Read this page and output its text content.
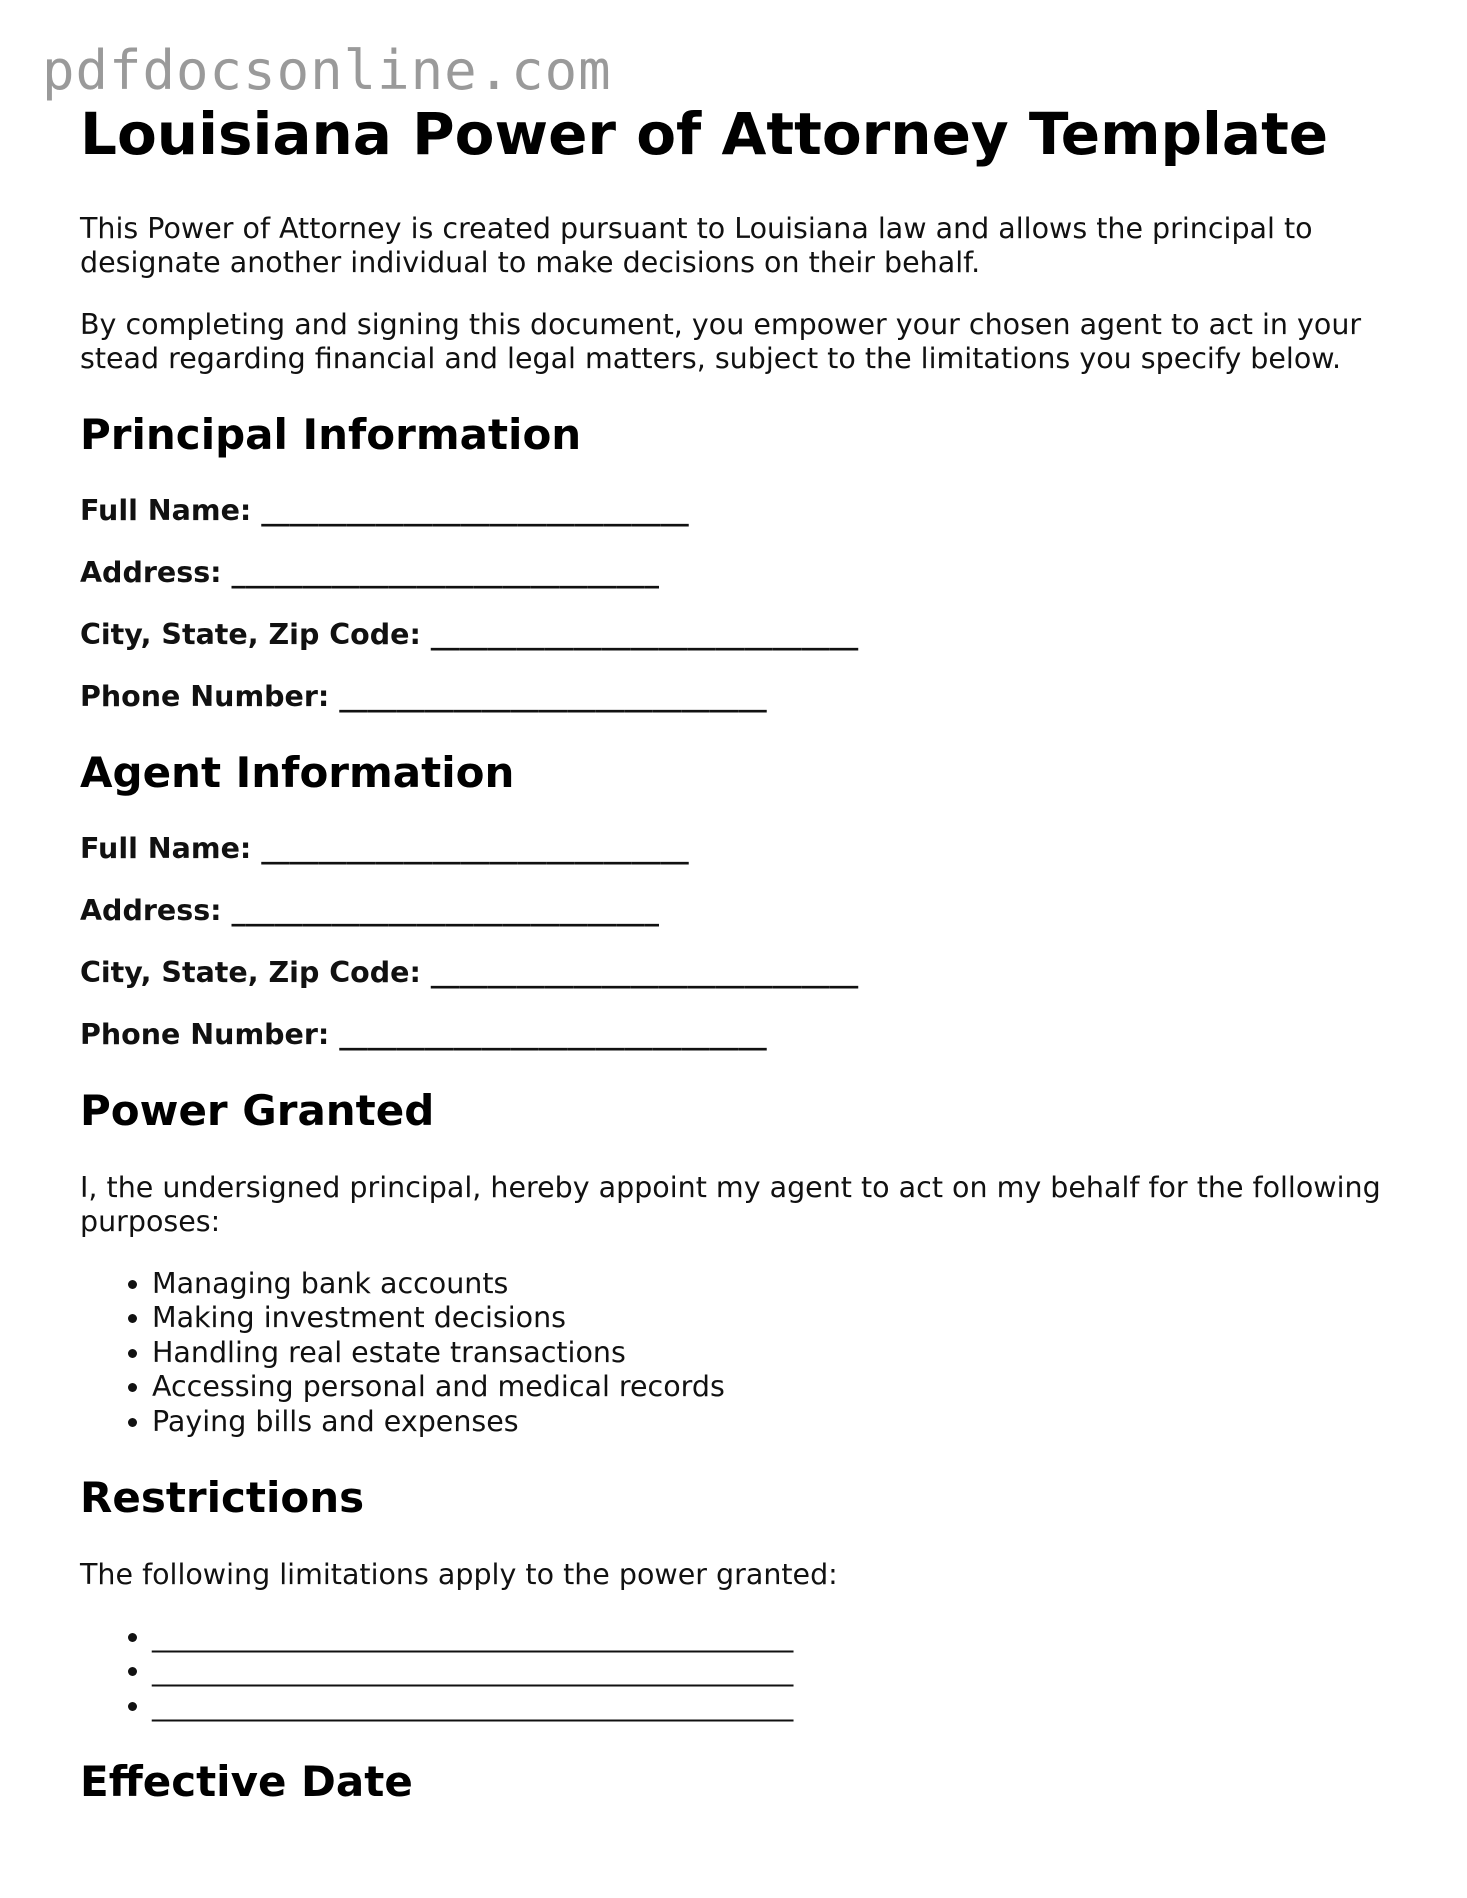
pdfdocsonline.com
Louisiana Power of Attorney Template

This Power of Attorney is created pursuant to Louisiana law and allows the principal to
designate another individual to make decisions on their behalf.

By completing and signing this document, you empower your chosen agent to act in your
stead regarding financial and legal matters, subject to the limitations you specify below.

Principal Information
Full Name: ______________________________
Address: ______________________________
City, State, Zip Code: ______________________________
Phone Number: ______________________________
Agent Information
Full Name: ______________________________
Address: ______________________________
City, State, Zip Code: ______________________________
Phone Number: ______________________________
Power Granted

I, the undersigned principal, hereby appoint my agent to act on my behalf for the following
purposes:

• Managing bank accounts
• Making investment decisions
• Handling real estate transactions
• Accessing personal and medical records
• Paying bills and expenses
Restrictions

The following limitations apply to the power granted:

• _____________________________________________
• _____________________________________________
• _____________________________________________
Effective Date
